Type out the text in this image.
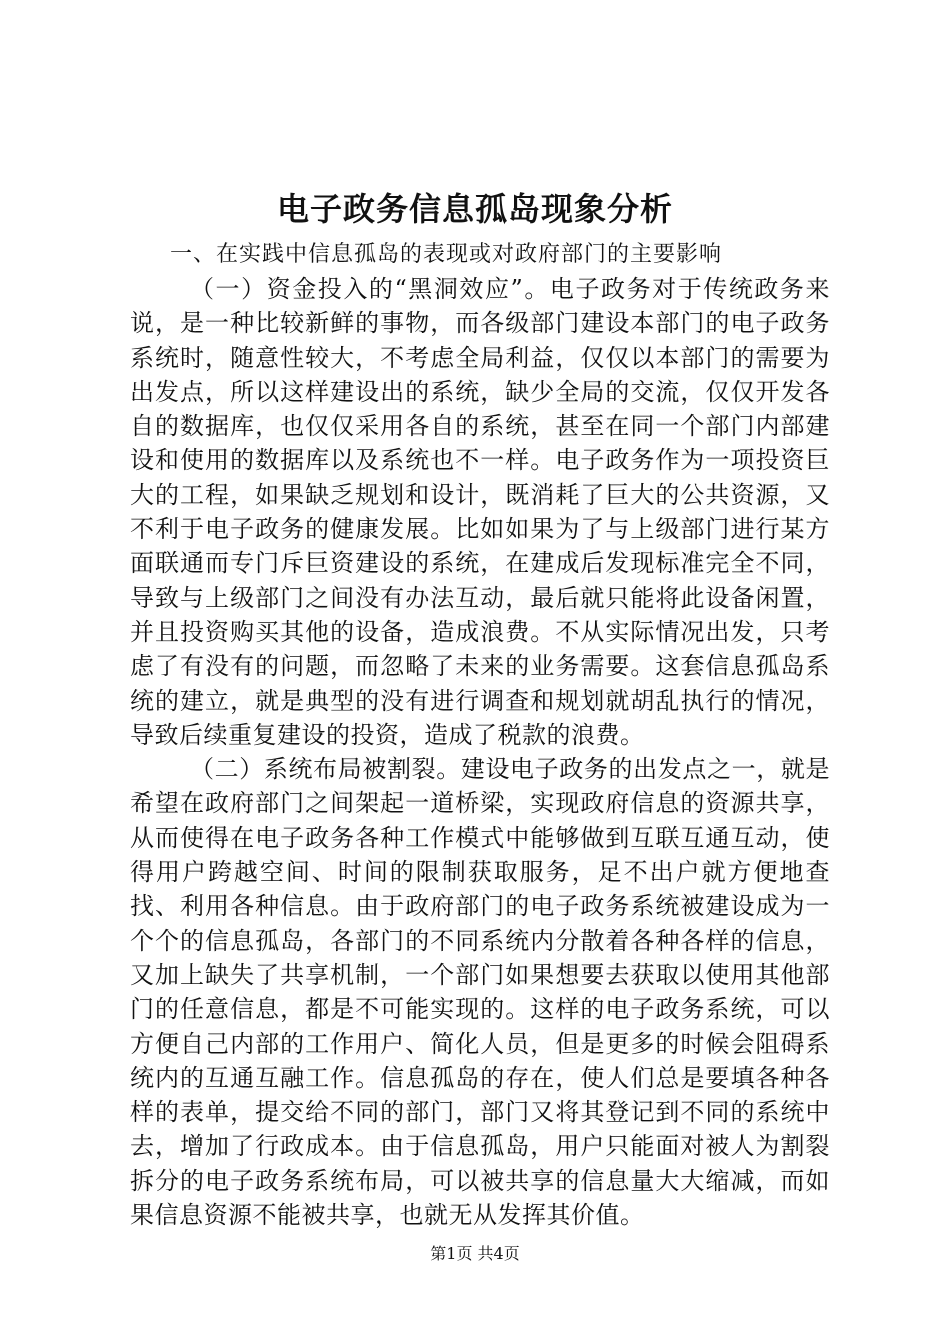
电子政务信息孤岛现象分析

一、在实践中信息孤岛的表现或对政府部门的主要影响

（一）资金投入的“黑洞效应”。电子政务对于传统政务来说，是一种比较新鲜的事物，而各级部门建设本部门的电子政务系统时，随意性较大，不考虑全局利益，仅仅以本部门的需要为出发点，所以这样建设出的系统，缺少全局的交流，仅仅开发各自的数据库，也仅仅采用各自的系统，甚至在同一个部门内部建设和使用的数据库以及系统也不一样。电子政务作为一项投资巨大的工程，如果缺乏规划和设计，既消耗了巨大的公共资源，又不利于电子政务的健康发展。比如如果为了与上级部门进行某方面联通而专门斥巨资建设的系统，在建成后发现标准完全不同，导致与上级部门之间没有办法互动，最后就只能将此设备闲置，并且投资购买其他的设备，造成浪费。不从实际情况出发，只考虑了有没有的问题，而忽略了未来的业务需要。这套信息孤岛系统的建立，就是典型的没有进行调查和规划就胡乱执行的情况，导致后续重复建设的投资，造成了税款的浪费。

（二）系统布局被割裂。建设电子政务的出发点之一，就是希望在政府部门之间架起一道桥梁，实现政府信息的资源共享，从而使得在电子政务各种工作模式中能够做到互联互通互动，使得用户跨越空间、时间的限制获取服务，足不出户就方便地查找、利用各种信息。由于政府部门的电子政务系统被建设成为一个个的信息孤岛，各部门的不同系统内分散着各种各样的信息，又加上缺失了共享机制，一个部门如果想要去获取以使用其他部门的任意信息，都是不可能实现的。这样的电子政务系统，可以方便自己内部的工作用户、简化人员，但是更多的时候会阻碍系统内的互通互融工作。信息孤岛的存在，使人们总是要填各种各样的表单，提交给不同的部门，部门又将其登记到不同的系统中去，增加了行政成本。由于信息孤岛，用户只能面对被人为割裂拆分的电子政务系统布局，可以被共享的信息量大大缩减，而如果信息资源不能被共享，也就无从发挥其价值。

第1页 共4页
